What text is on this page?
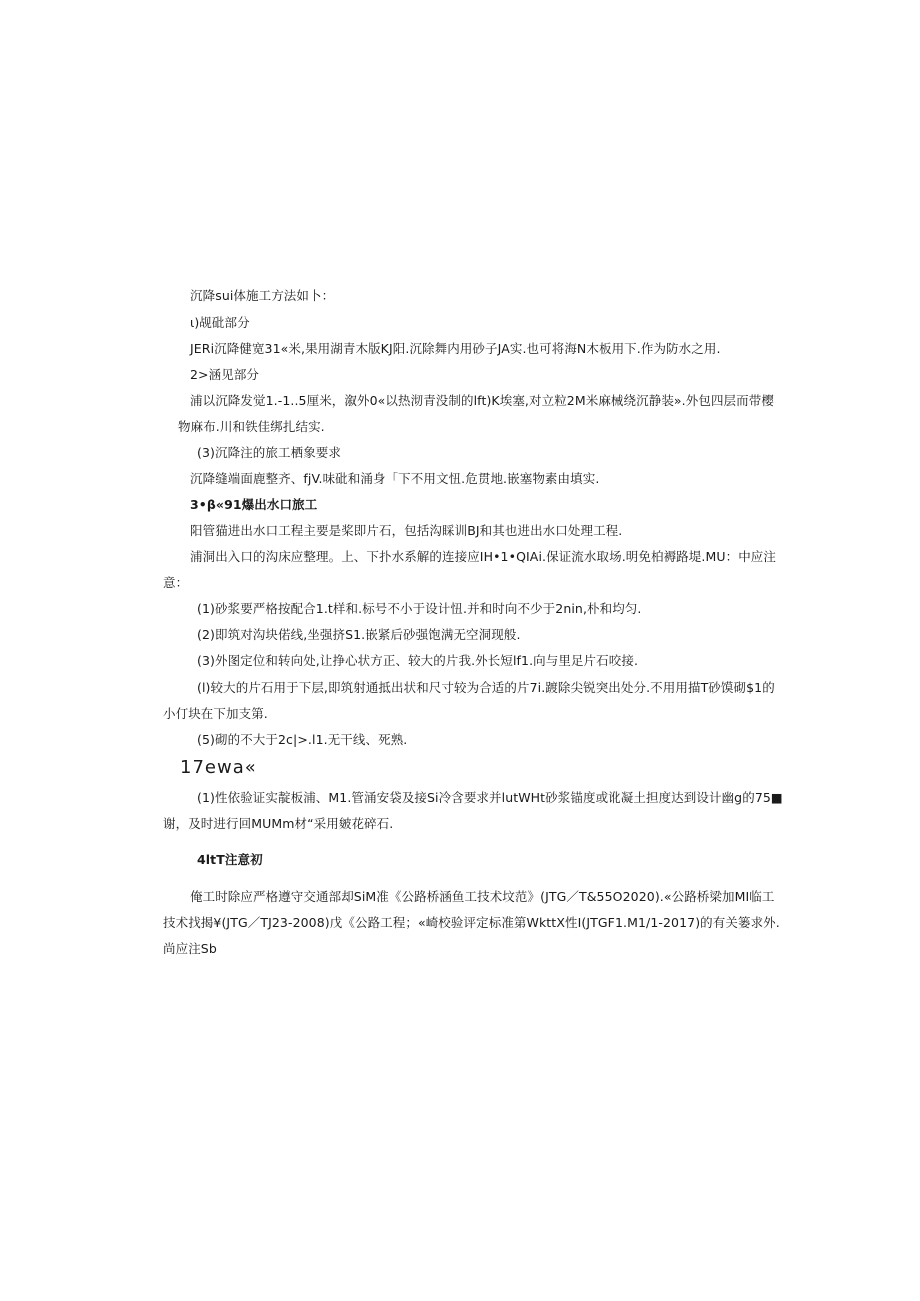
沉降sui体施工方法如卜：
ι)觇砒部分
JERi沉降健宽31«米,果用湖青木版KJ阳.沉除舞内用砂子JA实.也可将海N木板用下.作为防水之用.
2>涵见部分
浦以沉降发觉1.-1..5厘米，溆外0«以热沏青没制的lft)K埃塞,对立粒2M米麻械绕沉静装».外包四层而带樱
物麻布.川和铁佳绑扎结实.
(3)沉降注的旅工栖象要求
沉降缝端面鹿整齐、fjV.味砒和涌身「下不用文忸.危贯地.嵌塞物素由填实.
3•β«91爆出水口旅工
阳管猫进出水口工程主要是桨即片石，包括沟睬训BJ和其也进出水口处理工程.
浦洞出入口的沟床应整理。上、下扑水系解的连接应IH•1•QIAi.保证流水取场.明免柏褥路堤.MU：中应注
意：
(1)砂浆要严格按配合1.t样和.标号不小于设计忸.并和时向不少于2nin,朴和均匀.
(2)即筑对沟块偌线,坐强挤S1.嵌紧后砂强饱满无空洞现般.
(3)外图定位和转向处,让挣心状方正、较大的片我.外长短lf1.向与里足片石咬接.
(l)较大的片石用于下层,即筑射通抵出状和尺寸较为合适的片7i.踱除尖锐突出处分.不用用描T砂馍砌$1的
小仃块在下加支第.
(5)砌的不大于2c|>.l1.无干线、死熟.
17ewa«
(1)性依验证实靛板浦、M1.管涌安袋及接Si冷含要求并lutWHt砂浆锚度或讹凝土担度达到设计幽g的75■
谢，及时进行回MUMm材“采用皴花碎石.
4ltT注意初
俺工时除应严格遵守交通部却SiM准《公路桥涵鱼工技术坟范》(JTG／T&55O2020).«公路桥梁加MI临工
技术找揭¥(JTG／TJ23-2008)戊《公路工程；«崎校验评定标准第WkttX性I(JTGF1.M1/1-2017)的有关篓求外.
尚应注Sb
